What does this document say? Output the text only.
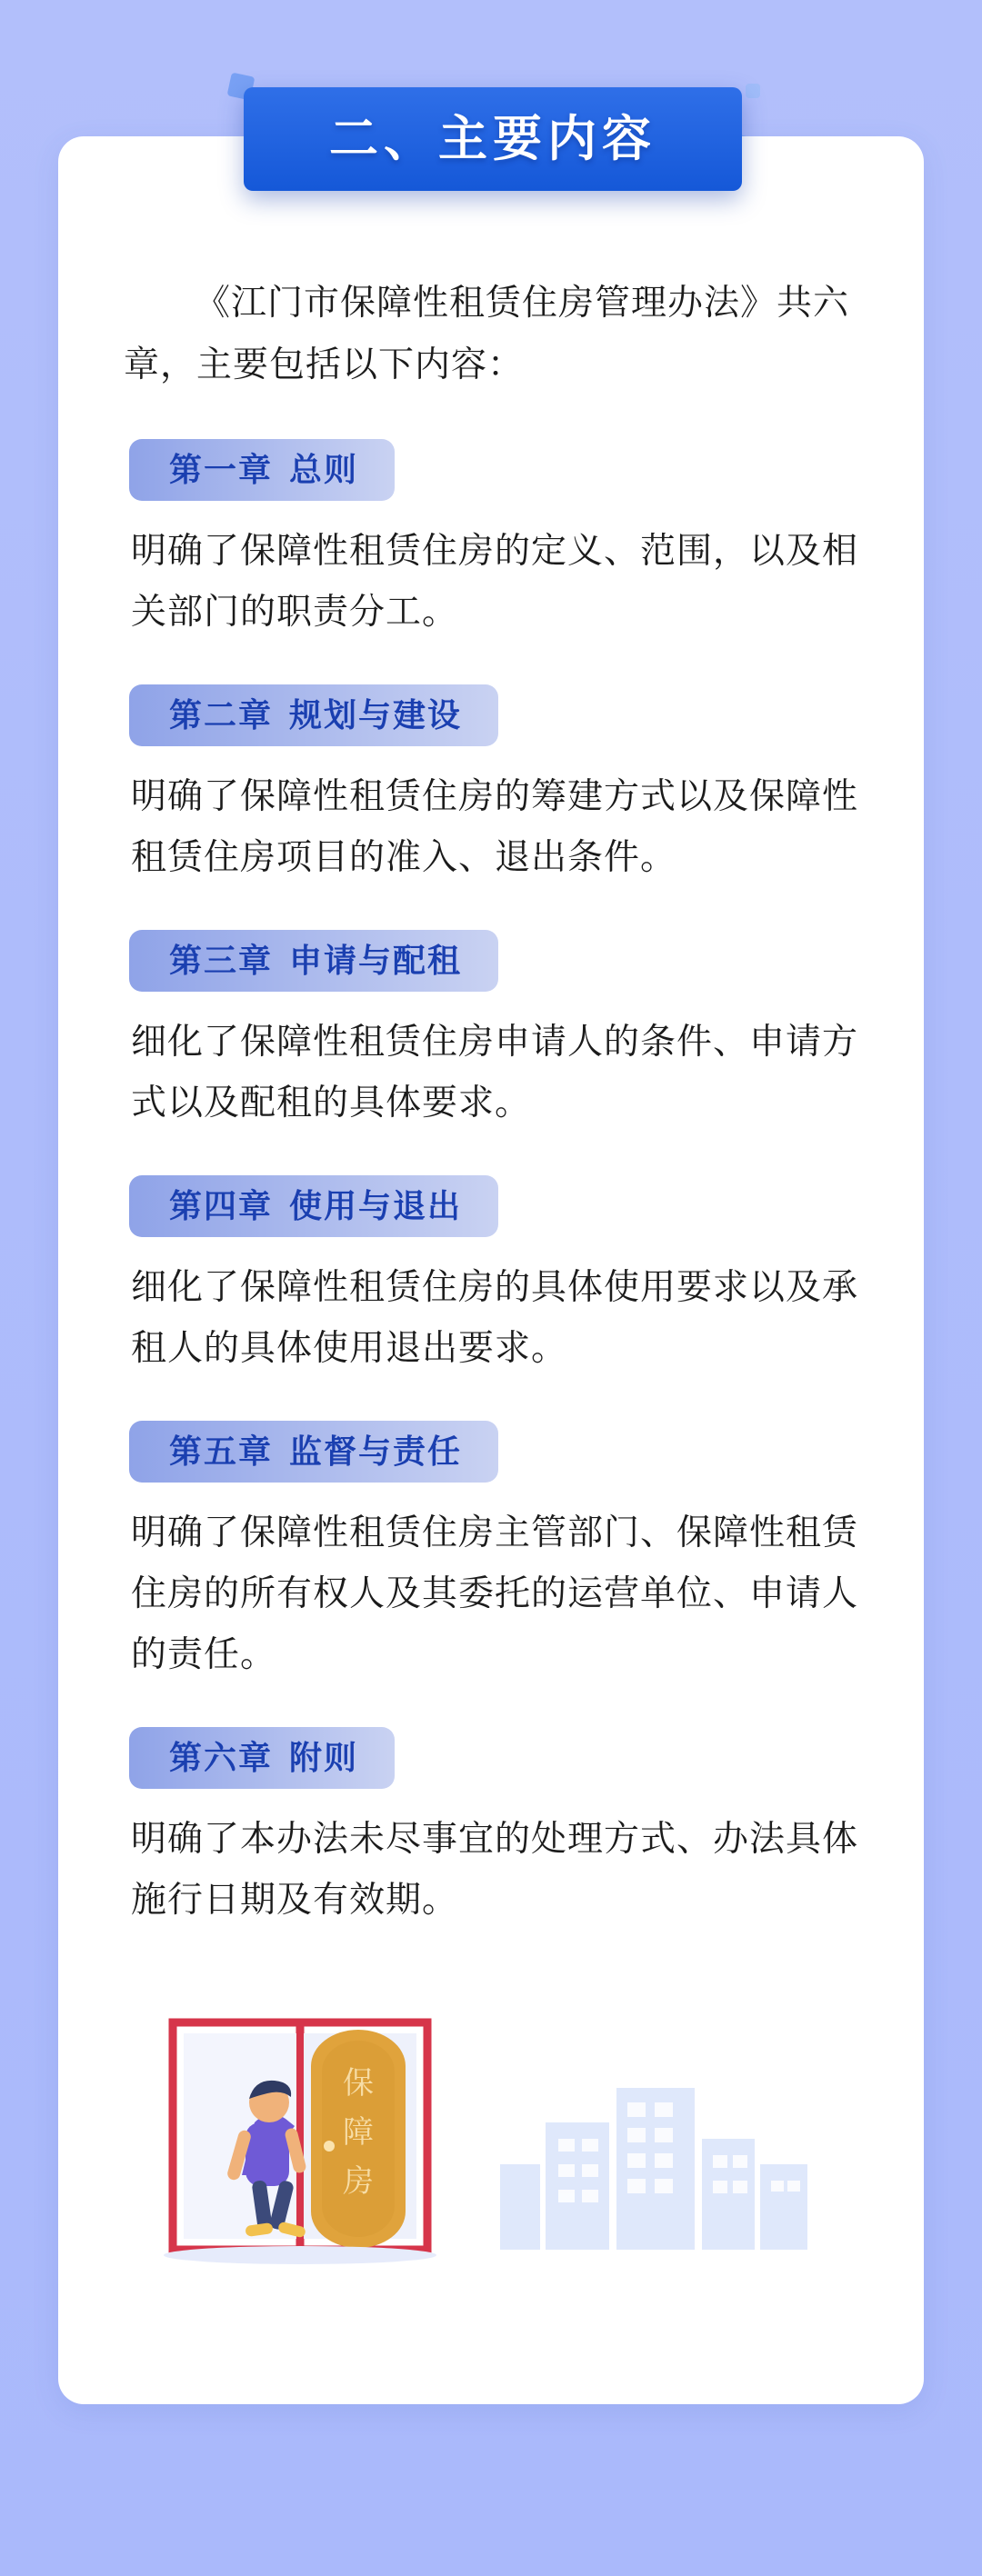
二、主要内容

《江门市保障性租赁住房管理办法》共六章，主要包括以下内容：

第一章 总则

明确了保障性租赁住房的定义、范围，以及相关部门的职责分工。

第二章 规划与建设

明确了保障性租赁住房的筹建方式以及保障性租赁住房项目的准入、退出条件。

第三章 申请与配租

细化了保障性租赁住房申请人的条件、申请方式以及配租的具体要求。

第四章 使用与退出

细化了保障性租赁住房的具体使用要求以及承租人的具体使用退出要求。

第五章 监督与责任

明确了保障性租赁住房主管部门、保障性租赁住房的所有权人及其委托的运营单位、申请人的责任。

第六章 附则

明确了本办法未尽事宜的处理方式、办法具体施行日期及有效期。

保
障
房
